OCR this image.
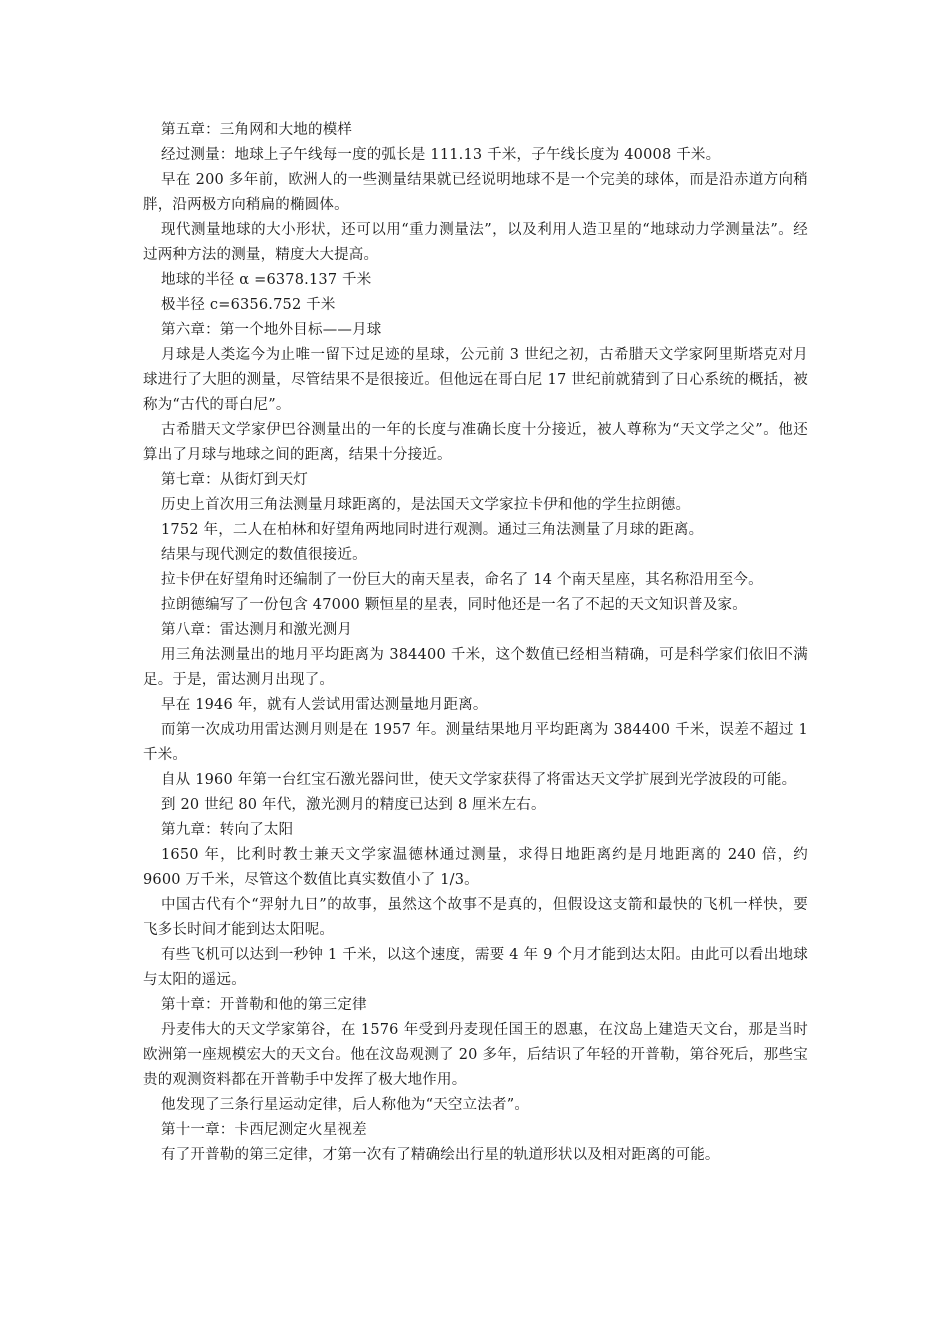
第五章：三角网和大地的模样

经过测量：地球上子午线每一度的弧长是 111.13 千米，子午线长度为 40008 千米。

早在 200 多年前，欧洲人的一些测量结果就已经说明地球不是一个完美的球体，而是沿赤道方向稍胖，沿两极方向稍扁的椭圆体。

现代测量地球的大小形状，还可以用“重力测量法”，以及利用人造卫星的“地球动力学测量法”。经过两种方法的测量，精度大大提高。

地球的半径 α =6378.137 千米

极半径 c=6356.752 千米

第六章：第一个地外目标——月球

月球是人类迄今为止唯一留下过足迹的星球，公元前 3 世纪之初，古希腊天文学家阿里斯塔克对月球进行了大胆的测量，尽管结果不是很接近。但他远在哥白尼 17 世纪前就猜到了日心系统的概括，被称为“古代的哥白尼”。

古希腊天文学家伊巴谷测量出的一年的长度与准确长度十分接近，被人尊称为“天文学之父”。他还算出了月球与地球之间的距离，结果十分接近。

第七章：从街灯到天灯

历史上首次用三角法测量月球距离的，是法国天文学家拉卡伊和他的学生拉朗德。

1752 年，二人在柏林和好望角两地同时进行观测。通过三角法测量了月球的距离。

结果与现代测定的数值很接近。

拉卡伊在好望角时还编制了一份巨大的南天星表，命名了 14 个南天星座，其名称沿用至今。

拉朗德编写了一份包含 47000 颗恒星的星表，同时他还是一名了不起的天文知识普及家。

第八章：雷达测月和激光测月

用三角法测量出的地月平均距离为 384400 千米，这个数值已经相当精确，可是科学家们依旧不满足。于是，雷达测月出现了。

早在 1946 年，就有人尝试用雷达测量地月距离。

而第一次成功用雷达测月则是在 1957 年。测量结果地月平均距离为 384400 千米，误差不超过 1 千米。

自从 1960 年第一台红宝石激光器问世，使天文学家获得了将雷达天文学扩展到光学波段的可能。

到 20 世纪 80 年代，激光测月的精度已达到 8 厘米左右。

第九章：转向了太阳

1650 年，比利时教士兼天文学家温德林通过测量，求得日地距离约是月地距离的 240 倍，约9600 万千米，尽管这个数值比真实数值小了 1/3。

中国古代有个“羿射九日”的故事，虽然这个故事不是真的，但假设这支箭和最快的飞机一样快，要飞多长时间才能到达太阳呢。

有些飞机可以达到一秒钟 1 千米，以这个速度，需要 4 年 9 个月才能到达太阳。由此可以看出地球与太阳的遥远。

第十章：开普勒和他的第三定律

丹麦伟大的天文学家第谷，在 1576 年受到丹麦现任国王的恩惠，在汶岛上建造天文台，那是当时欧洲第一座规模宏大的天文台。他在汶岛观测了 20 多年，后结识了年轻的开普勒，第谷死后，那些宝贵的观测资料都在开普勒手中发挥了极大地作用。

他发现了三条行星运动定律，后人称他为“天空立法者”。

第十一章：卡西尼测定火星视差

有了开普勒的第三定律，才第一次有了精确绘出行星的轨道形状以及相对距离的可能。
